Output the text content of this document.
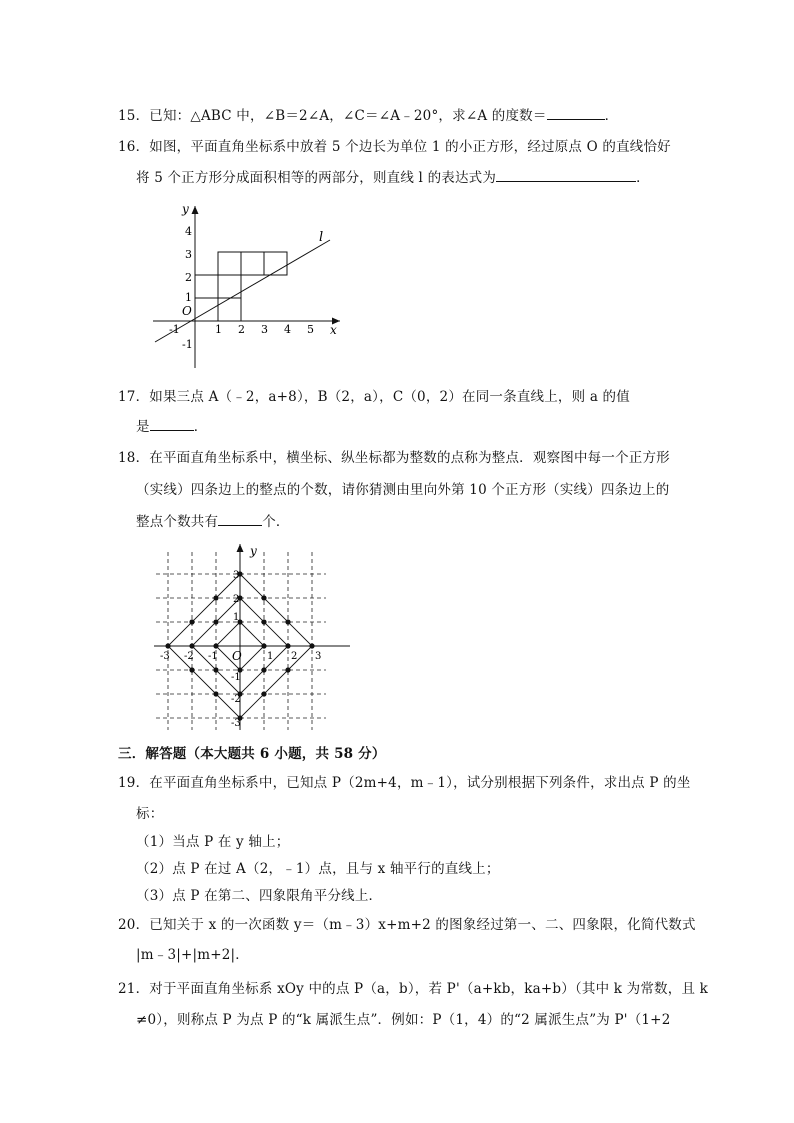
15．已知：△ABC 中，∠B＝2∠A，∠C＝∠A﹣20°，求∠A 的度数＝	．
16．如图，平面直角坐标系中放着 5 个边长为单位 1 的小正方形，经过原点 O 的直线恰好
将 5 个正方形分成面积相等的两部分，则直线 l 的表达式为	．
y
x
l
O
-1	1 2 3 4 5
4
3
2
1
-1
17．如果三点 A（﹣2，a+8），B（2，a），C（0，2）在同一条直线上，则 a 的值
是	．
18．在平面直角坐标系中，横坐标、纵坐标都为整数的点称为整点．观察图中每一个正方形
（实线）四条边上的整点的个数，请你猜测由里向外第 10 个正方形（实线）四条边上的
整点个数共有	个．
y
O
-3 -2 -1	1 2 3
3
2
1
-1
-2
-3
三．解答题（本大题共 6 小题，共 58 分）
19．在平面直角坐标系中，已知点 P（2m+4，m﹣1），试分别根据下列条件，求出点 P 的坐
标：
（1）当点 P 在 y 轴上；
（2）点 P 在过 A（2，﹣1）点，且与 x 轴平行的直线上；
（3）点 P 在第二、四象限角平分线上．
20．已知关于 x 的一次函数 y＝（m﹣3）x+m+2 的图象经过第一、二、四象限，化简代数式
|m﹣3|+|m+2|．
21．对于平面直角坐标系 xOy 中的点 P（a，b），若 P'（a+kb，ka+b）（其中 k 为常数，且 k
≠0），则称点 P 为点 P 的“k 属派生点”．例如：P（1，4）的“2 属派生点”为 P'（1+2
